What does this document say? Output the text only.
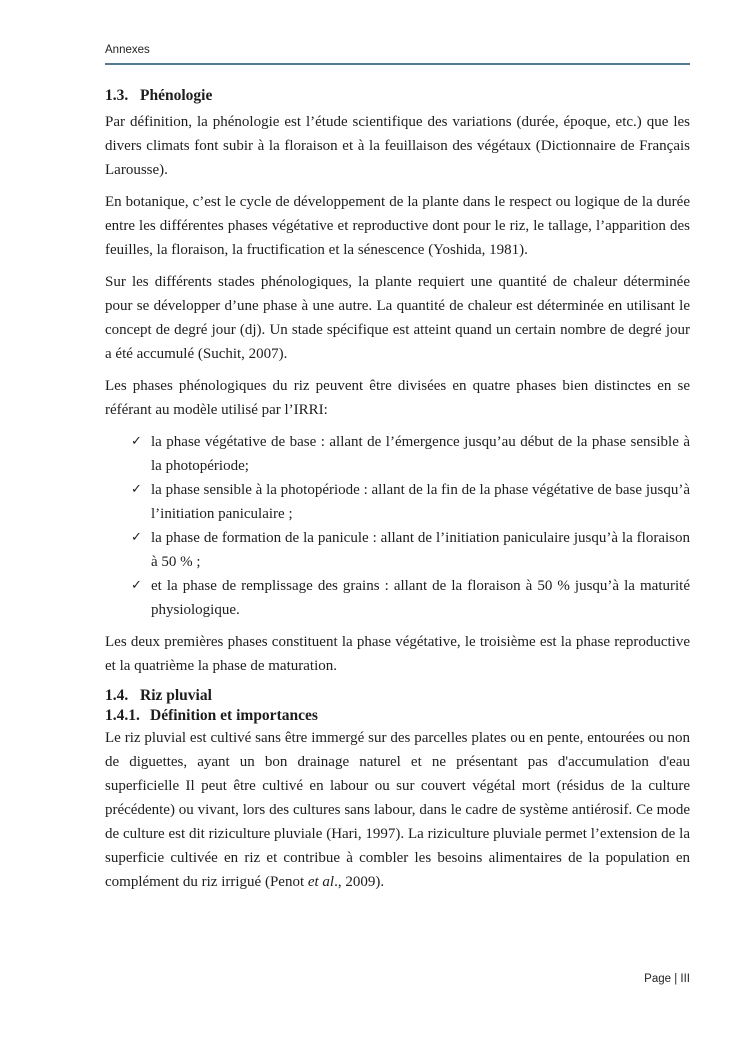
Annexes
1.3. Phénologie

Par définition, la phénologie est l’étude scientifique des variations (durée, époque, etc.) que les divers climats font subir à la floraison et à la feuillaison des végétaux (Dictionnaire de Français Larousse).

En botanique, c’est le cycle de développement de la plante dans le respect ou logique de la durée entre les différentes phases végétative et reproductive dont pour le riz, le tallage, l’apparition des feuilles, la floraison, la fructification et la sénescence (Yoshida, 1981).

Sur les différents stades phénologiques, la plante requiert une quantité de chaleur déterminée pour se développer d’une phase à une autre. La quantité de chaleur est déterminée en utilisant le concept de degré jour (dj). Un stade spécifique est atteint quand un certain nombre de degré jour a été accumulé (Suchit, 2007).

Les phases phénologiques du riz peuvent être divisées en quatre phases bien distinctes en se référant au modèle utilisé par l’IRRI:

✓ la phase végétative de base : allant de l’émergence jusqu’au début de la phase sensible à la photopériode;
✓ la phase sensible à la photopériode : allant de la fin de la phase végétative de base jusqu’à l’initiation paniculaire ;
✓ la phase de formation de la panicule : allant de l’initiation paniculaire jusqu’à la floraison à 50 % ;
✓ et la phase de remplissage des grains : allant de la floraison à 50 % jusqu’à la maturité physiologique.

Les deux premières phases constituent la phase végétative, le troisième est la phase reproductive et la quatrième la phase de maturation.

1.4. Riz pluvial
1.4.1. Définition et importances

Le riz pluvial est cultivé sans être immergé sur des parcelles plates ou en pente, entourées ou non de diguettes, ayant un bon drainage naturel et ne présentant pas d'accumulation d'eau superficielle Il peut être cultivé en labour ou sur couvert végétal mort (résidus de la culture précédente) ou vivant, lors des cultures sans labour, dans le cadre de système antiérosif. Ce mode de culture est dit riziculture pluviale (Hari, 1997). La riziculture pluviale permet l’extension de la superficie cultivée en riz et contribue à combler les besoins alimentaires de la population en complément du riz irrigué (Penot et al., 2009).

Page | III
